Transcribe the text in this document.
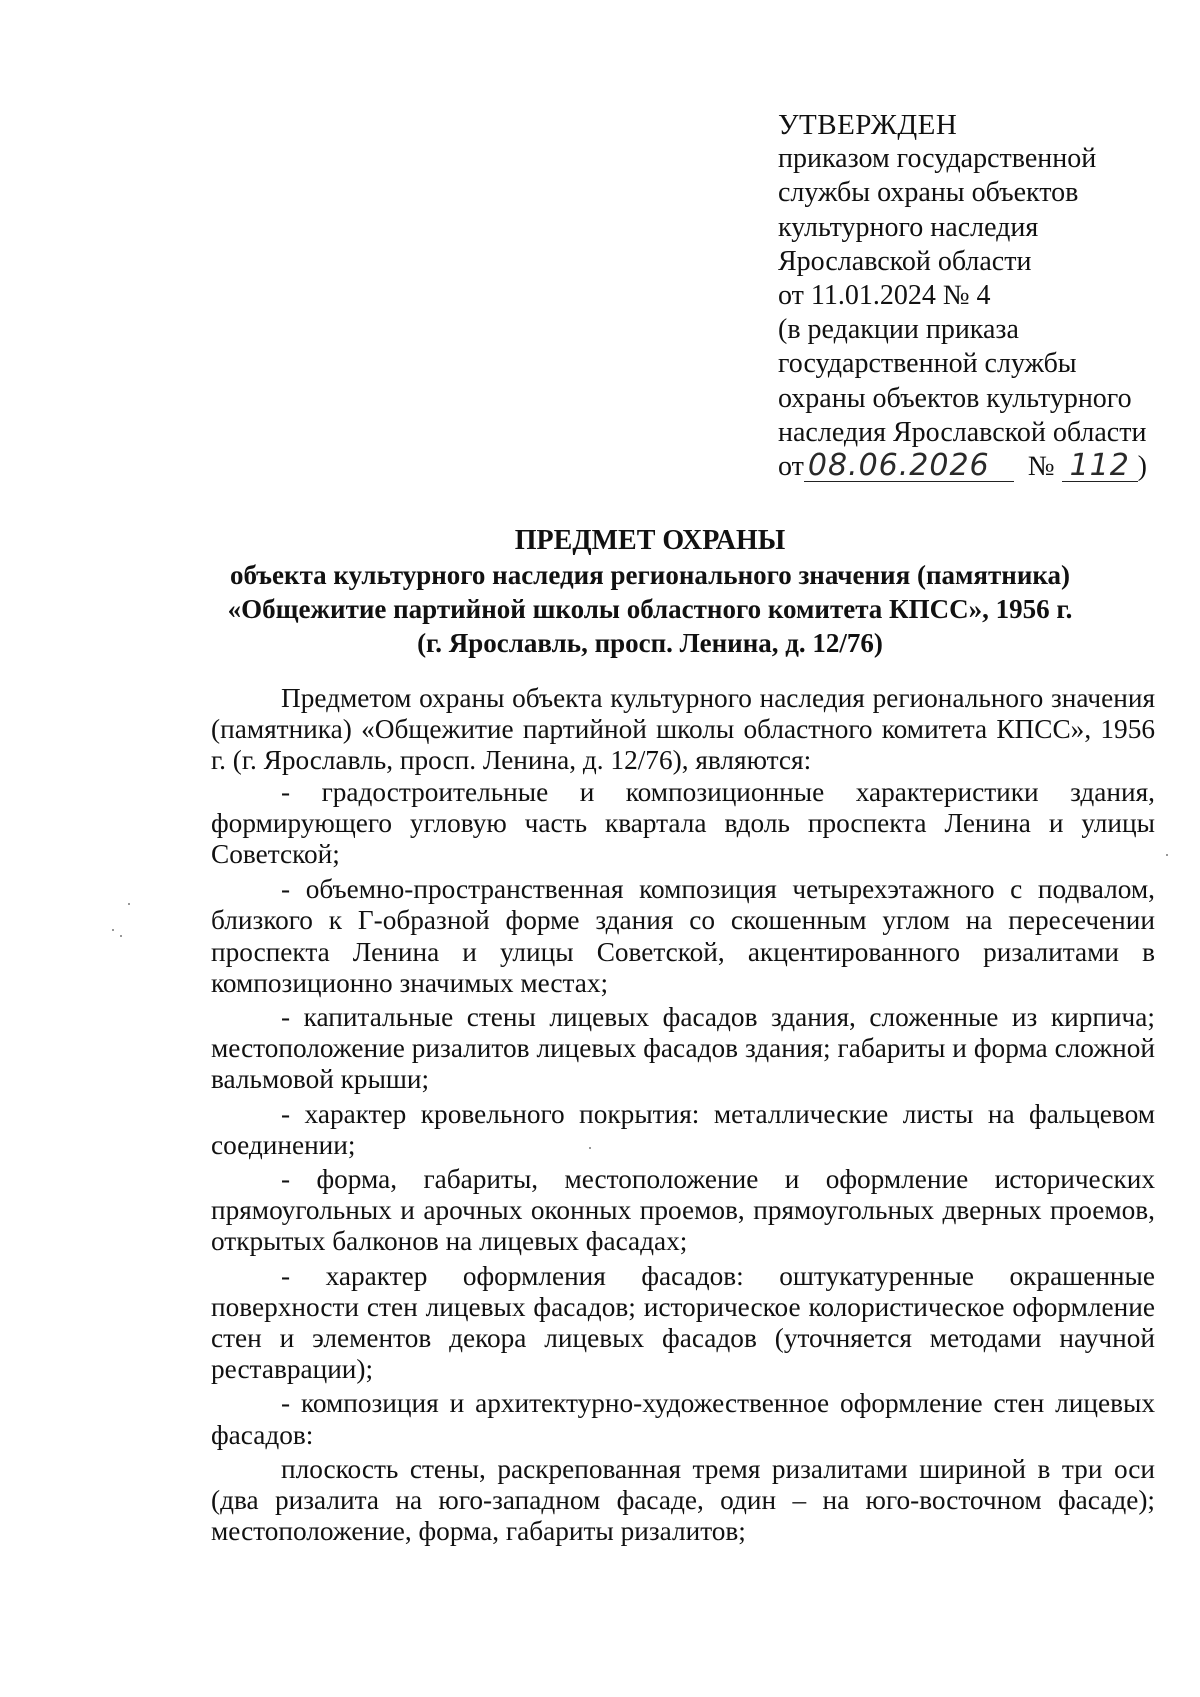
УТВЕРЖДЕН
приказом государственной
службы охраны объектов
культурного наследия
Ярославской области
от 11.01.2024 № 4
(в редакции приказа
государственной службы
охраны объектов культурного
наследия Ярославской области
от 08.06.2026 № 112 )
ПРЕДМЕТ ОХРАНЫ
объекта культурного наследия регионального значения (памятника)
«Общежитие партийной школы областного комитета КПСС», 1956 г.
(г. Ярославль, просп. Ленина, д. 12/76)

Предметом охраны объекта культурного наследия регионального значения (памятника) «Общежитие партийной школы областного комитета КПСС», 1956 г. (г. Ярославль, просп. Ленина, д. 12/76), являются:

- градостроительные и композиционные характеристики здания, формирующего угловую часть квартала вдоль проспекта Ленина и улицы Советской;

- объемно-пространственная композиция четырехэтажного с подвалом, близкого к Г-образной форме здания со скошенным углом на пересечении проспекта Ленина и улицы Советской, акцентированного ризалитами в композиционно значимых местах;

- капитальные стены лицевых фасадов здания, сложенные из кирпича; местоположение ризалитов лицевых фасадов здания; габариты и форма сложной вальмовой крыши;

- характер кровельного покрытия: металлические листы на фальцевом соединении;

- форма, габариты, местоположение и оформление исторических прямоугольных и арочных оконных проемов, прямоугольных дверных проемов, открытых балконов на лицевых фасадах;

- характер оформления фасадов: оштукатуренные окрашенные поверхности стен лицевых фасадов; историческое колористическое оформление стен и элементов декора лицевых фасадов (уточняется методами научной реставрации);

- композиция и архитектурно-художественное оформление стен лицевых фасадов:

плоскость стены, раскрепованная тремя ризалитами шириной в три оси (два ризалита на юго-западном фасаде, один – на юго-восточном фасаде); местоположение, форма, габариты ризалитов;
